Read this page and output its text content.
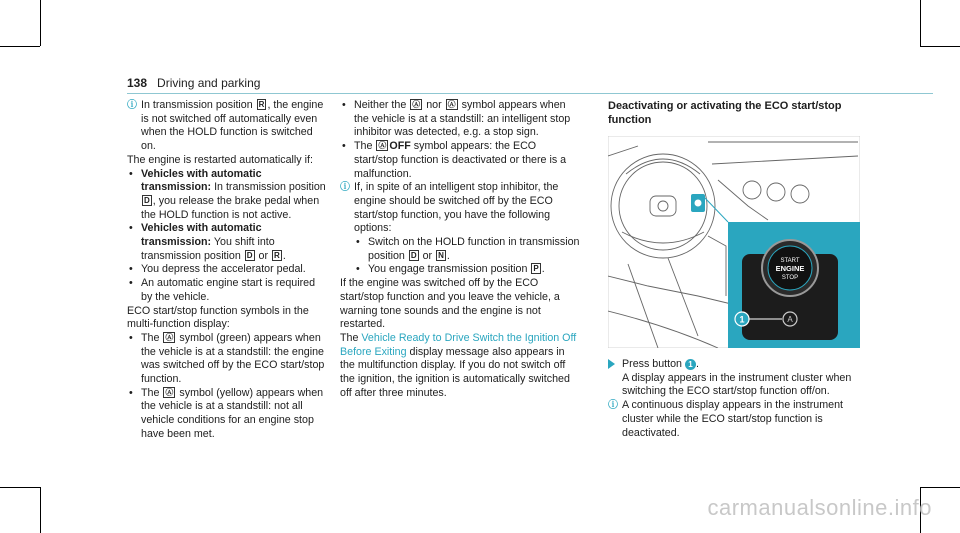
138 Driving and parking

ⓘ In transmission position R , the engine is not switched off automatically even when the HOLD function is switched on.

The engine is restarted automatically if:

• Vehicles with automatic transmission: In transmission position D , you release the brake pedal when the HOLD function is not active.

• Vehicles with automatic transmission: You shift into transmission position D or R .

• You depress the accelerator pedal.

• An automatic engine start is required by the vehicle.

ECO start/stop function symbols in the multi-function display:

• The Ⓐ symbol (green) appears when the vehicle is at a standstill: the engine was switched off by the ECO start/stop function.

• The Ⓐ symbol (yellow) appears when the vehicle is at a standstill: not all vehicle conditions for an engine stop have been met.

• Neither the Ⓐ nor Ⓐ symbol appears when the vehicle is at a standstill: an intelligent stop inhibitor was detected, e.g. a stop sign.

• The Ⓐ OFF symbol appears: the ECO start/stop function is deactivated or there is a malfunction.

ⓘ If, in spite of an intelligent stop inhibitor, the engine should be switched off by the ECO start/stop function, you have the following options:

• Switch on the HOLD function in transmission position D or N .

• You engage transmission position P .

If the engine was switched off by the ECO start/stop function and you leave the vehicle, a warning tone sounds and the engine is not restarted.

The Vehicle Ready to Drive Switch the Ignition Off Before Exiting display message also appears in the multifunction display. If you do not switch off the ignition, the ignition is automatically switched off after three minutes.

Deactivating or activating the ECO start/stop function

START
ENGINE
STOP
A
1

Press button 1 .

A display appears in the instrument cluster when switching the ECO start/stop function off/on.

ⓘ A continuous display appears in the instrument cluster while the ECO start/stop function is deactivated.

carmanualsonline.info
